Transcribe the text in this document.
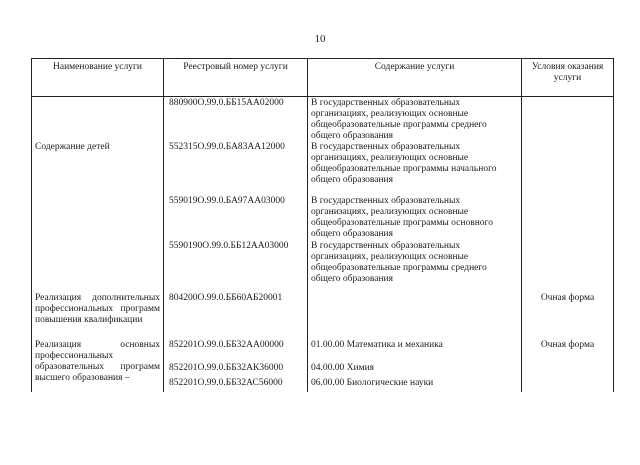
10
Наименование услуги	Реестровый номер услуги	Содержание услуги	Условия оказания услуги
	880900О.99.0.ББ15АА02000	В государственных образовательных организациях, реализующих основные общеобразовательные программы среднего общего образования	
Содержание детей	552315О.99.0.БА83АА12000	В государственных образовательных организациях, реализующих основные общеобразовательные программы начального общего образования	
	559019О.99.0.БА97АА03000	В государственных образовательных организациях, реализующих основные общеобразовательные программы основного общего образования	
	5590190О.99.0.ББ12АА03000	В государственных образовательных организациях, реализующих основные общеобразовательные программы среднего общего образования	
Реализация дополнительных профессиональных программ повышения квалификации	804200О.99.0.ББ60АБ20001		Очная форма
Реализация основных профессиональных образовательных программ высшего образования –	852201О.99.0.ББ32АА00000	01.00.00 Математика и механика	Очная форма
	852201О.99.0.ББ32АК36000	04.00.00 Химия	
	852201О.99.0.ББ32АС56000	06.00.00 Биологические науки	
